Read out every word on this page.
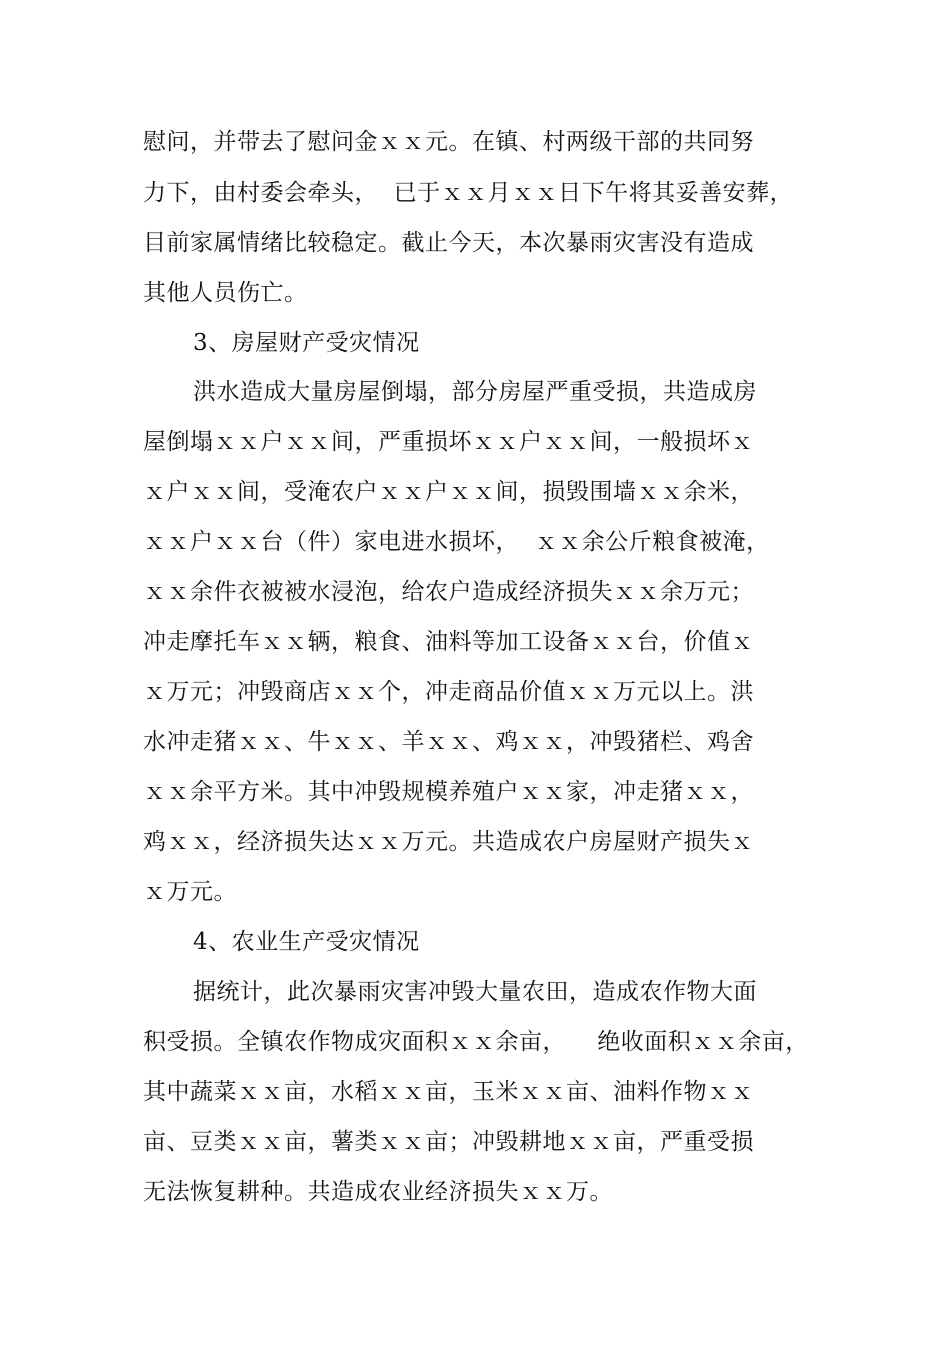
慰问，并带去了慰问金ｘｘ元。在镇、村两级干部的共同努
力下，由村委会牵头，  已于ｘｘ月ｘｘ日下午将其妥善安葬，
目前家属情绪比较稳定。截止今天，本次暴雨灾害没有造成
其他人员伤亡。
3、房屋财产受灾情况
洪水造成大量房屋倒塌，部分房屋严重受损，共造成房
屋倒塌ｘｘ户ｘｘ间，严重损坏ｘｘ户ｘｘ间，一般损坏ｘ
ｘ户ｘｘ间，受淹农户ｘｘ户ｘｘ间，损毁围墙ｘｘ余米，
ｘｘ户ｘｘ台（件）家电进水损坏，  ｘｘ余公斤粮食被淹，
ｘｘ余件衣被被水浸泡，给农户造成经济损失ｘｘ余万元；
冲走摩托车ｘｘ辆，粮食、油料等加工设备ｘｘ台，价值ｘ
ｘ万元；冲毁商店ｘｘ个，冲走商品价值ｘｘ万元以上。洪
水冲走猪ｘｘ、牛ｘｘ、羊ｘｘ、鸡ｘｘ，冲毁猪栏、鸡舍
ｘｘ余平方米。其中冲毁规模养殖户ｘｘ家，冲走猪ｘｘ，
鸡ｘｘ，经济损失达ｘｘ万元。共造成农户房屋财产损失ｘ
ｘ万元。
4、农业生产受灾情况
据统计，此次暴雨灾害冲毁大量农田，造成农作物大面
积受损。全镇农作物成灾面积ｘｘ余亩，    绝收面积ｘｘ余亩，
其中蔬菜ｘｘ亩，水稻ｘｘ亩，玉米ｘｘ亩、油料作物ｘｘ
亩、豆类ｘｘ亩，薯类ｘｘ亩；冲毁耕地ｘｘ亩，严重受损
无法恢复耕种。共造成农业经济损失ｘｘ万。
